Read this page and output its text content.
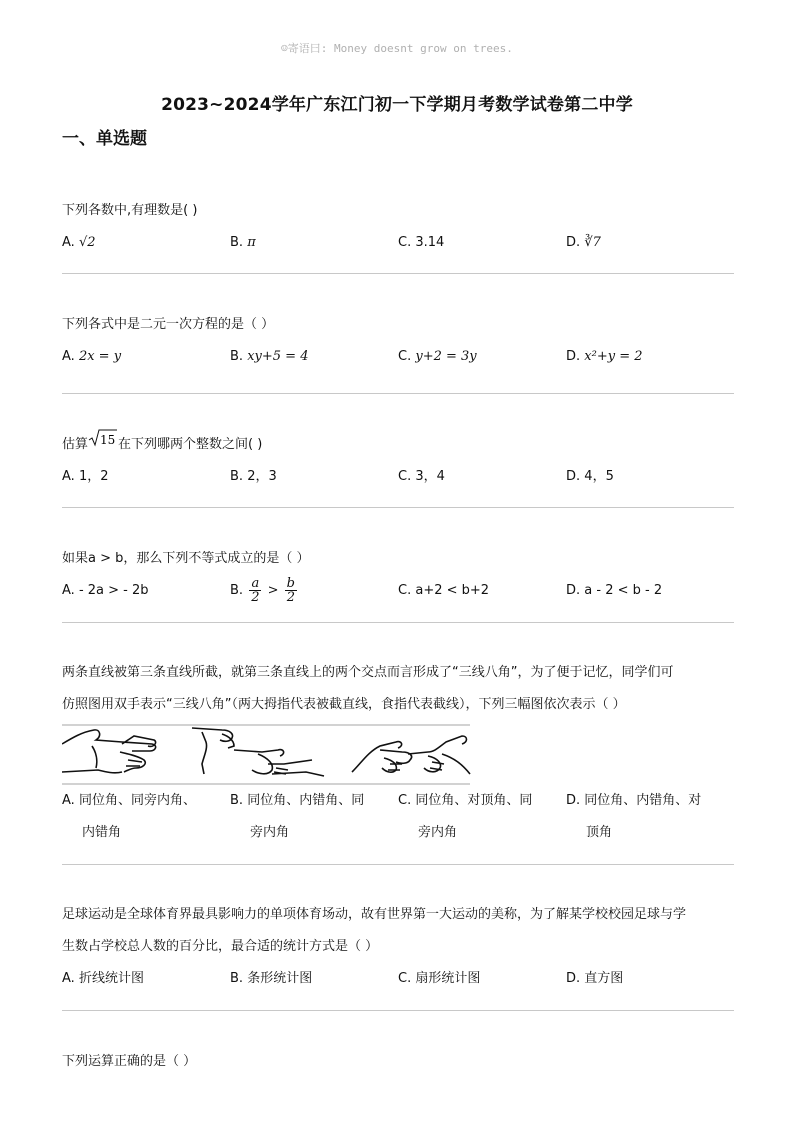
☺寄语曰: Money doesnt grow on trees.
2023~2024学年广东江门初一下学期月考数学试卷第二中学
一、单选题
下列各数中,有理数是( )
A. √2	B. π	C. 3.14	D. ∛7
下列各式中是二元一次方程的是（ ）
A. 2x = y	B. xy+5 = 4	C. y+2 = 3y	D. x²+y = 2
估算 15 在下列哪两个整数之间( )
A. 1，2	B. 2，3	C. 3，4	D. 4，5
如果a > b，那么下列不等式成立的是（ ）
A. - 2a > - 2b	B. $\frac{a}{2} > \frac{b}{2}$	C. a+2 < b+2	D. a - 2 < b - 2
两条直线被第三条直线所截，就第三条直线上的两个交点而言形成了“三线八角”，为了便于记忆，同学们可
仿照图用双手表示“三线八角”（两大拇指代表被截直线，食指代表截线），下列三幅图依次表示（ ）
A. 同位角、同旁内角、
内错角
B. 同位角、内错角、同
旁内角
C. 同位角、对顶角、同
旁内角
D. 同位角、内错角、对
顶角
足球运动是全球体育界最具影响力的单项体育场动，故有世界第一大运动的美称，为了解某学校校园足球与学
生数占学校总人数的百分比，最合适的统计方式是（ ）
A. 折线统计图	B. 条形统计图	C. 扇形统计图	D. 直方图
下列运算正确的是（ ）
